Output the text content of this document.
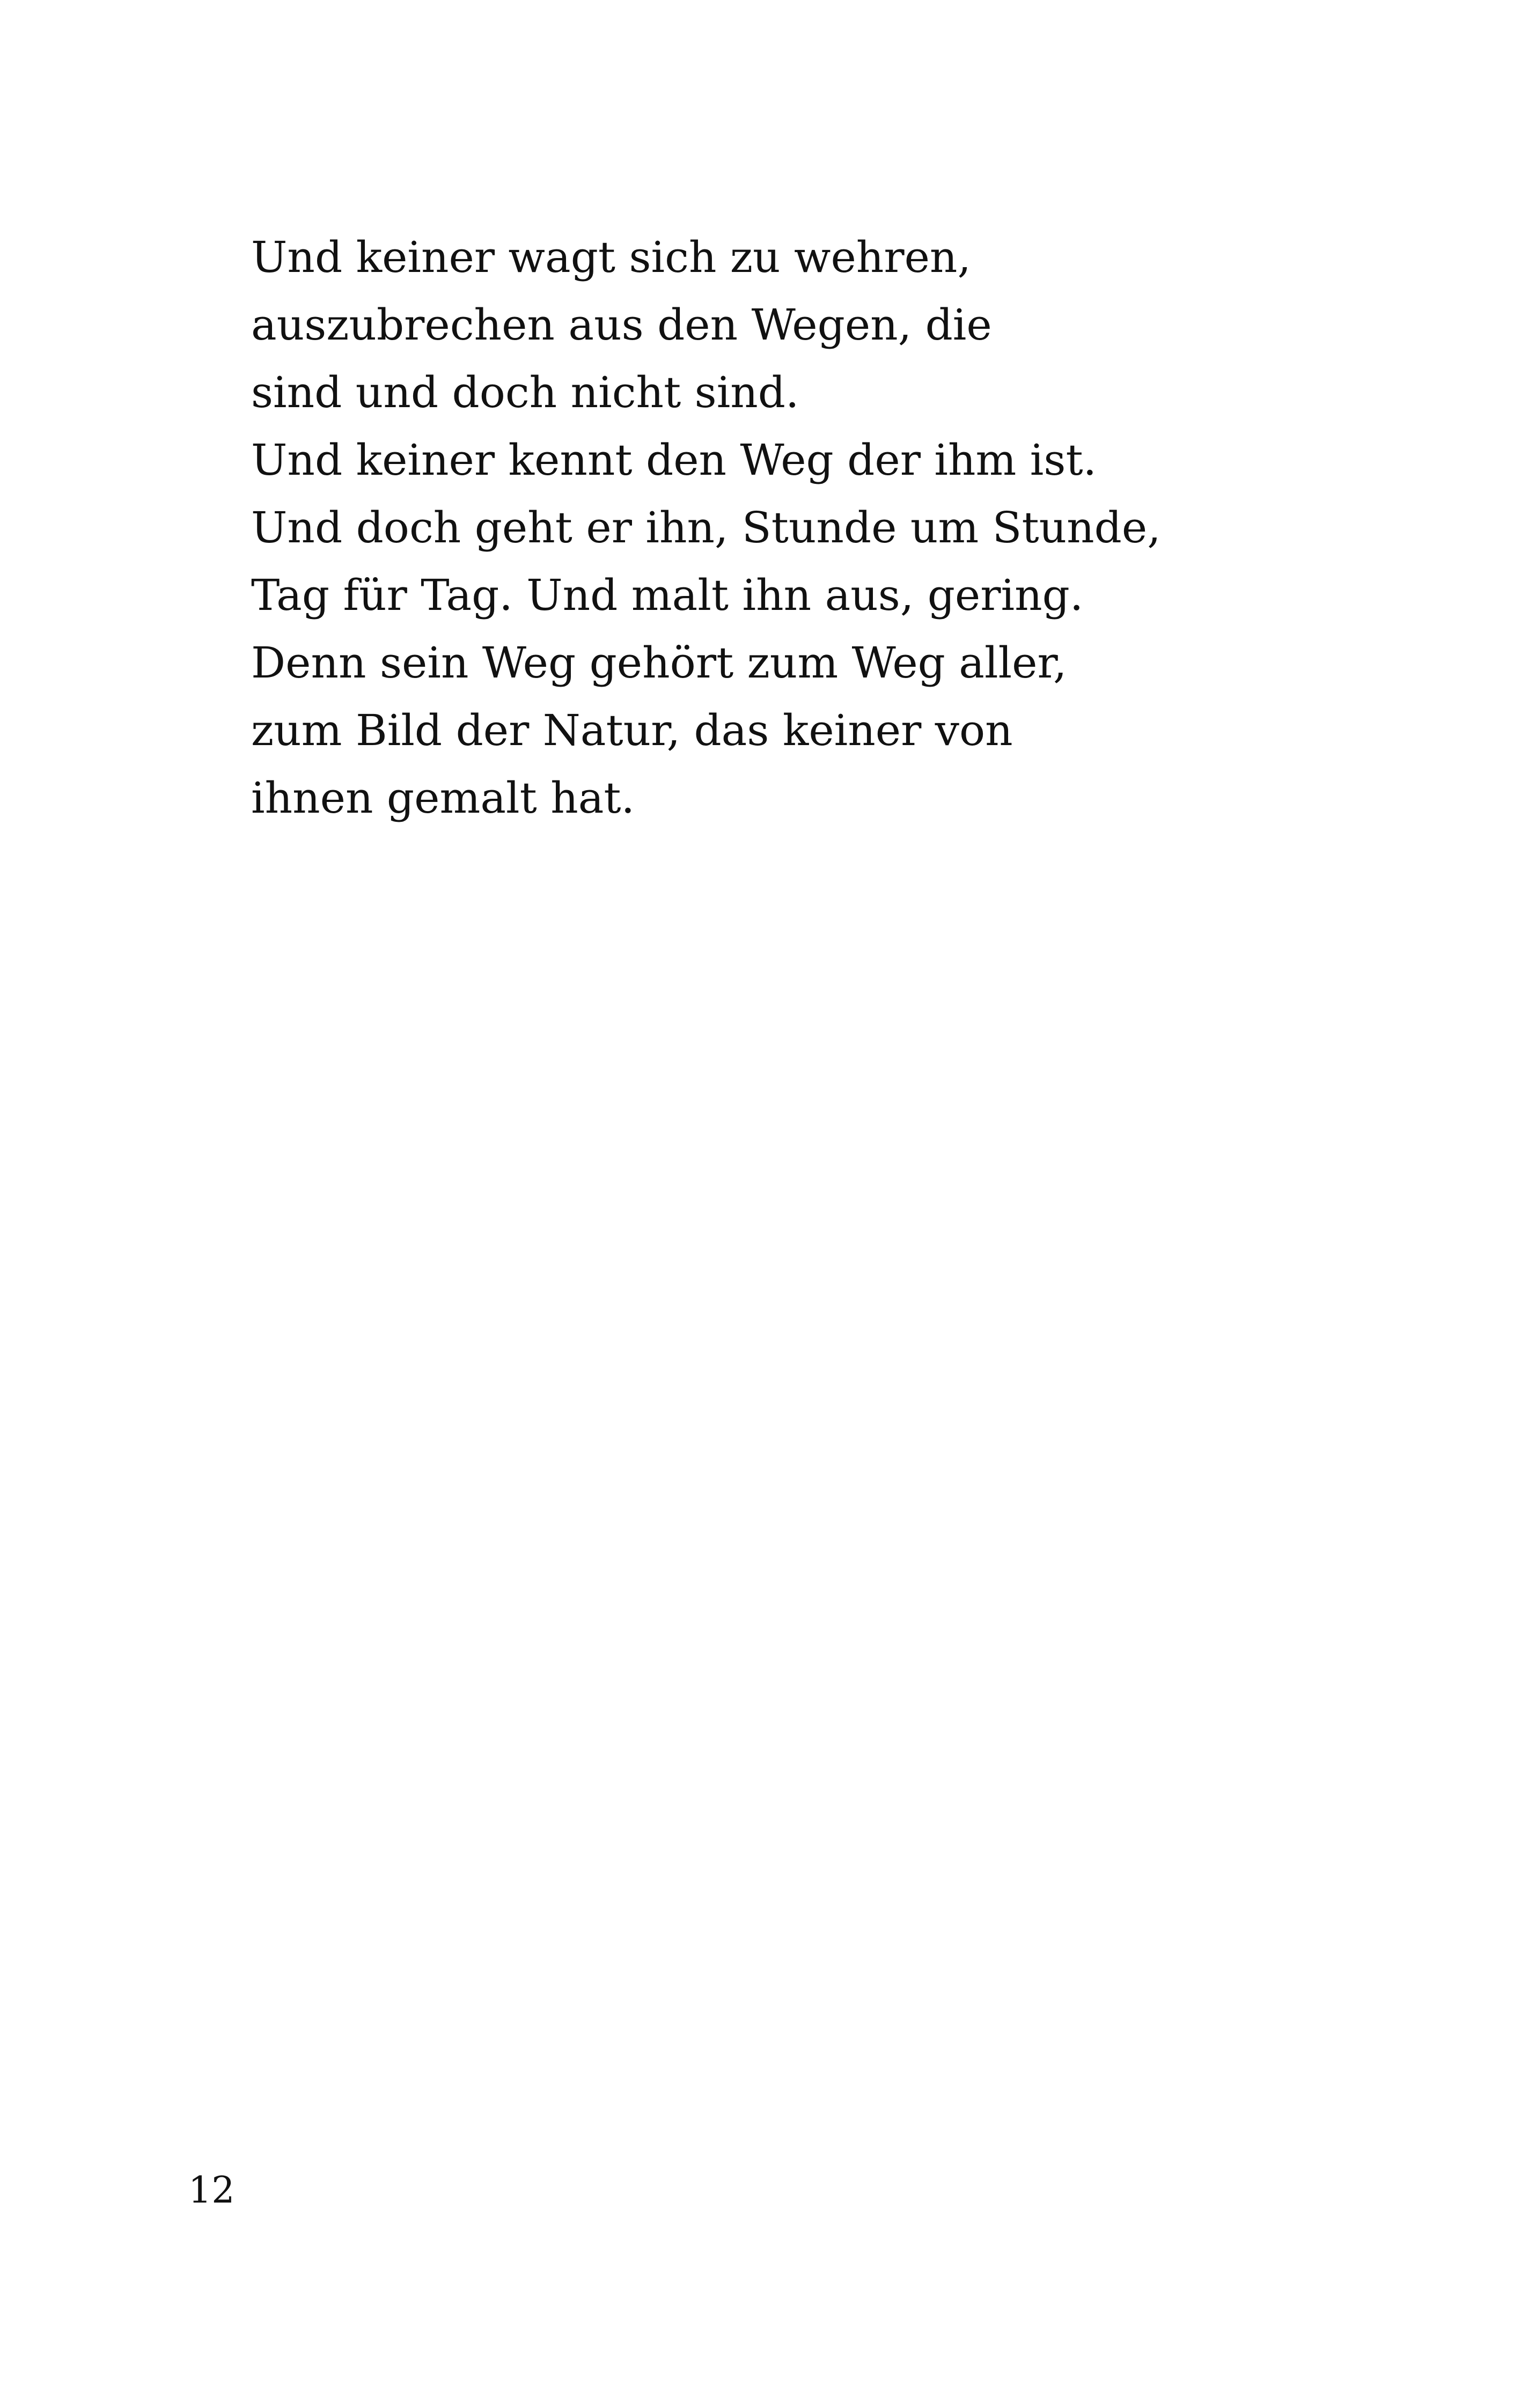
Und keiner wagt sich zu wehren,
auszubrechen aus den Wegen, die
sind und doch nicht sind.
Und keiner kennt den Weg der ihm ist.
Und doch geht er ihn, Stunde um Stunde,
Tag für Tag. Und malt ihn aus, gering.
Denn sein Weg gehört zum Weg aller,
zum Bild der Natur, das keiner von
ihnen gemalt hat.
12
